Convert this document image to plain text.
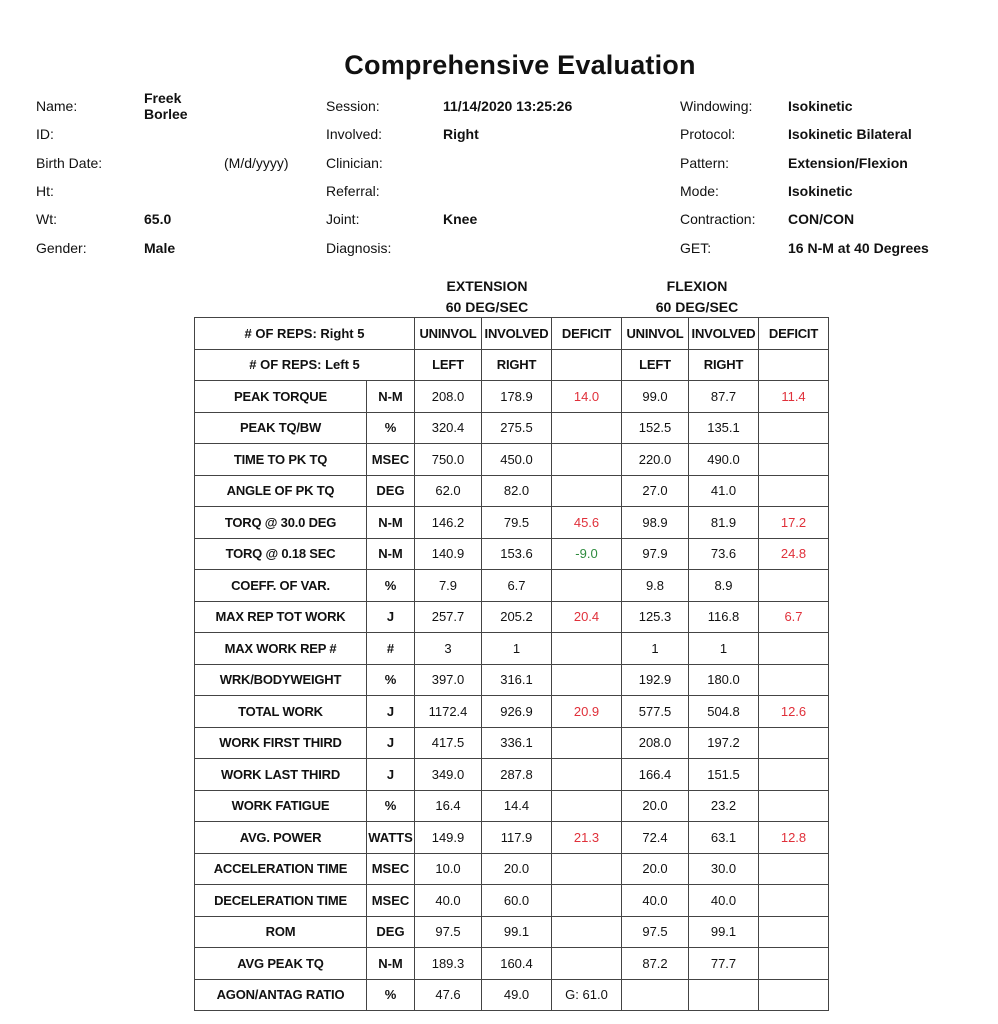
Comprehensive Evaluation
Name:	Freek Borlee
ID:
Birth Date:	(M/d/yyyy)
Ht:
Wt:	65.0
Gender:	Male
Session:	11/14/2020 13:25:26
Involved:	Right
Clinician:
Referral:
Joint:	Knee
Diagnosis:
Windowing:	Isokinetic
Protocol:	Isokinetic Bilateral
Pattern:	Extension/Flexion
Mode:	Isokinetic
Contraction:	CON/CON
GET:	16 N-M at 40 Degrees
EXTENSION
60 DEG/SEC
FLEXION
60 DEG/SEC
# OF REPS: Right 5		UNINVOL	INVOLVED	DEFICIT	UNINVOL	INVOLVED	DEFICIT
# OF REPS: Left 5		LEFT	RIGHT		LEFT	RIGHT	
PEAK TORQUE	N-M	208.0	178.9	14.0	99.0	87.7	11.4
PEAK TQ/BW	%	320.4	275.5		152.5	135.1	
TIME TO PK TQ	MSEC	750.0	450.0		220.0	490.0	
ANGLE OF PK TQ	DEG	62.0	82.0		27.0	41.0	
TORQ @ 30.0 DEG	N-M	146.2	79.5	45.6	98.9	81.9	17.2
TORQ @ 0.18 SEC	N-M	140.9	153.6	-9.0	97.9	73.6	24.8
COEFF. OF VAR.	%	7.9	6.7		9.8	8.9	
MAX REP TOT WORK	J	257.7	205.2	20.4	125.3	116.8	6.7
MAX WORK REP #	#	3	1		1	1	
WRK/BODYWEIGHT	%	397.0	316.1		192.9	180.0	
TOTAL WORK	J	1172.4	926.9	20.9	577.5	504.8	12.6
WORK FIRST THIRD	J	417.5	336.1		208.0	197.2	
WORK LAST THIRD	J	349.0	287.8		166.4	151.5	
WORK FATIGUE	%	16.4	14.4		20.0	23.2	
AVG. POWER	WATTS	149.9	117.9	21.3	72.4	63.1	12.8
ACCELERATION TIME	MSEC	10.0	20.0		20.0	30.0	
DECELERATION TIME	MSEC	40.0	60.0		40.0	40.0	
ROM	DEG	97.5	99.1		97.5	99.1	
AVG PEAK TQ	N-M	189.3	160.4		87.2	77.7	
AGON/ANTAG RATIO	%	47.6	49.0	G: 61.0			
